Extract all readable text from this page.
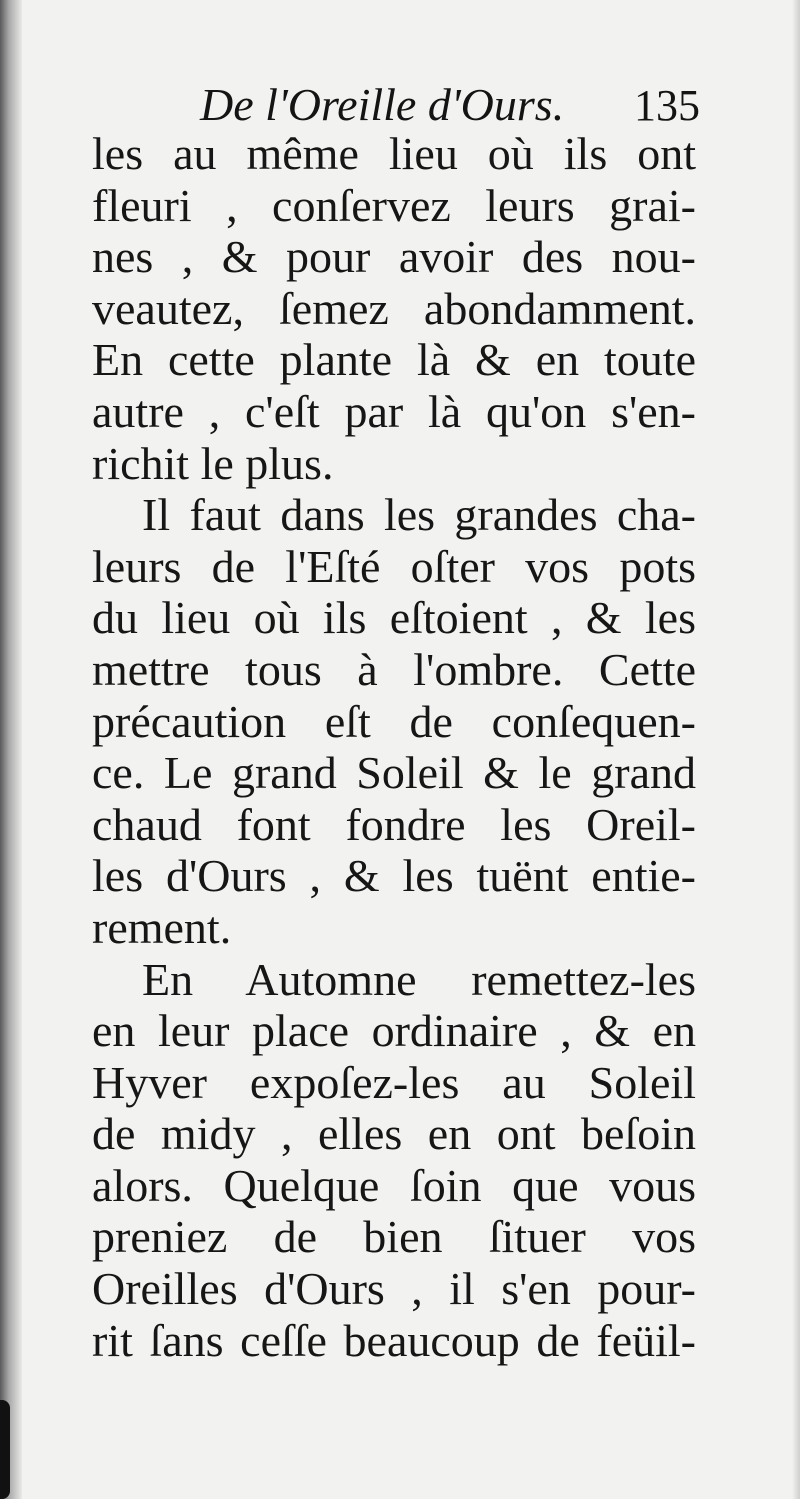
De l'Oreille d'Ours. 135
les au même lieu où ils ont
fleuri , conſervez leurs grai-
nes , & pour avoir des nou-
veautez, ſemez abondamment.
En cette plante là & en toute
autre , c'eſt par là qu'on s'en-
richit le plus.
Il faut dans les grandes cha-
leurs de l'Eſté oſter vos pots
du lieu où ils eſtoient , & les
mettre tous à l'ombre. Cette
précaution eſt de conſequen-
ce. Le grand Soleil & le grand
chaud font fondre les Oreil-
les d'Ours , & les tuënt entie-
rement.
En Automne remettez-les
en leur place ordinaire , & en
Hyver expoſez-les au Soleil
de midy , elles en ont beſoin
alors. Quelque ſoin que vous
preniez de bien ſituer vos
Oreilles d'Ours , il s'en pour-
rit ſans ceſſe beaucoup de feüil-
